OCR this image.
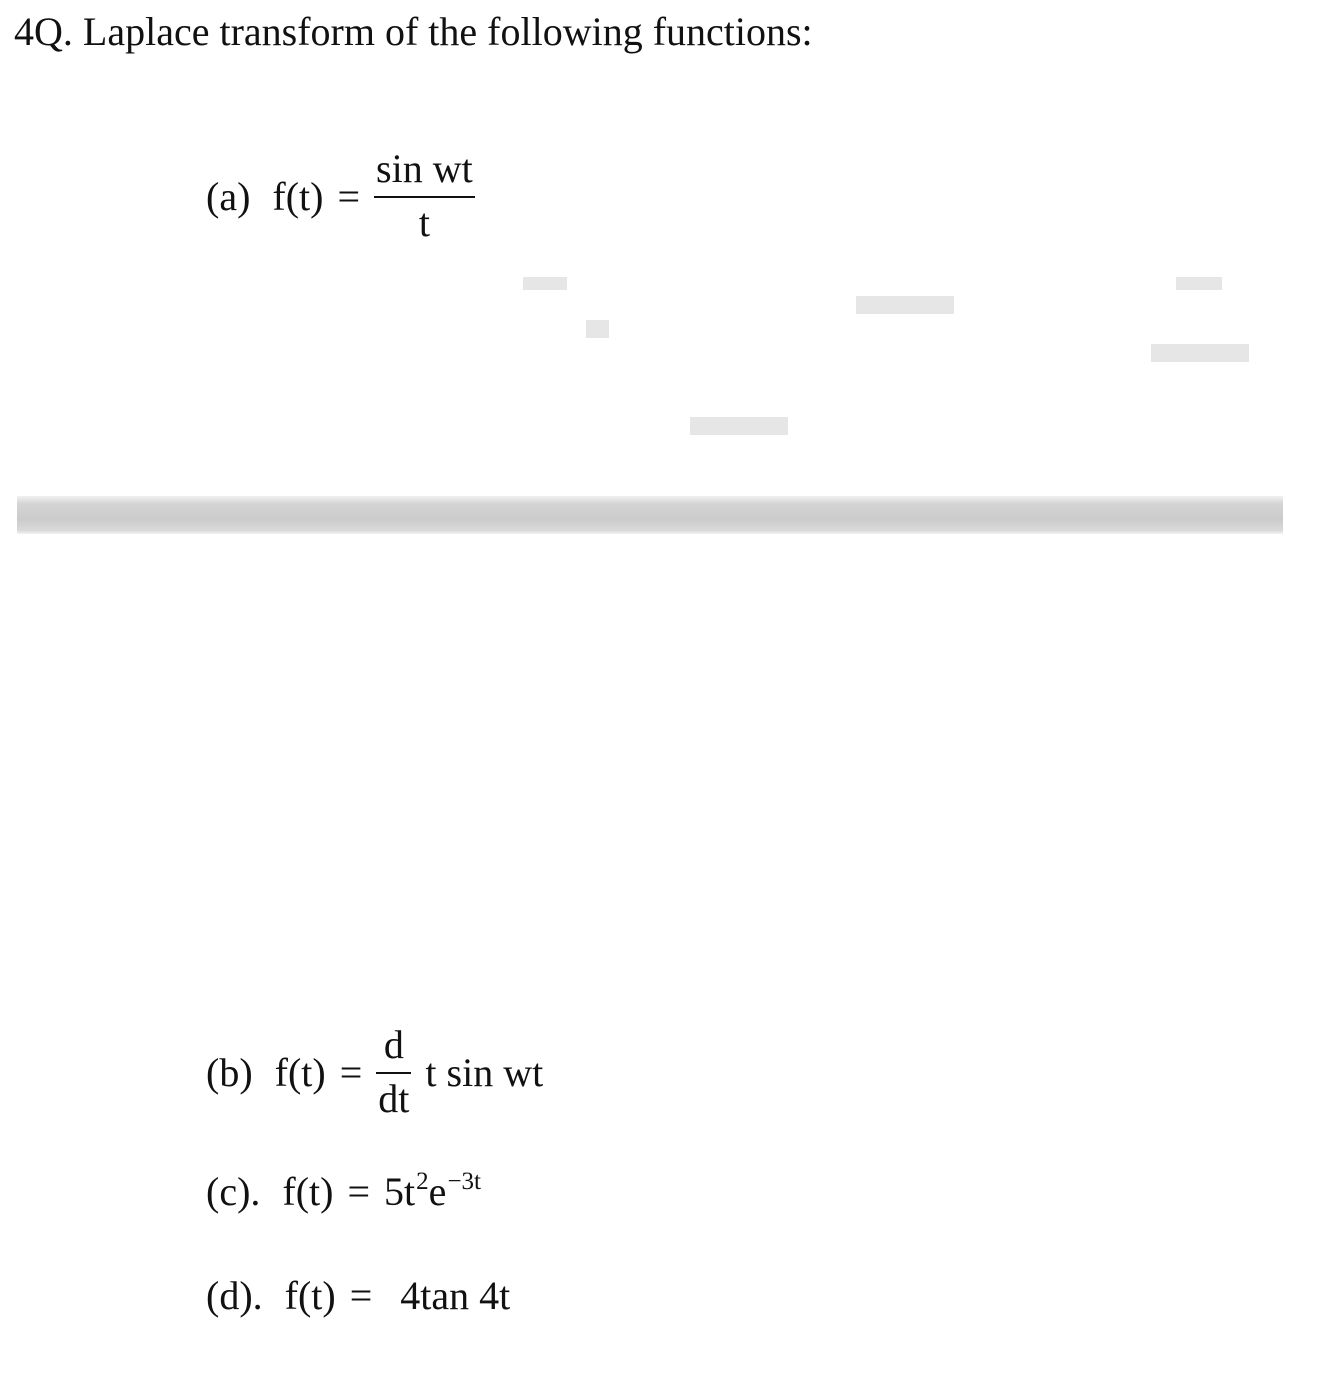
4Q. Laplace transform of the following functions:
(a) $f(t) = \frac{\text{sin wt}}{t}$
(b) $f(t) = \frac{d}{dt}$ t sin wt
(c). $f(t) = 5t^2e^{-3t}$
(d). f(t) = 4tan 4t
